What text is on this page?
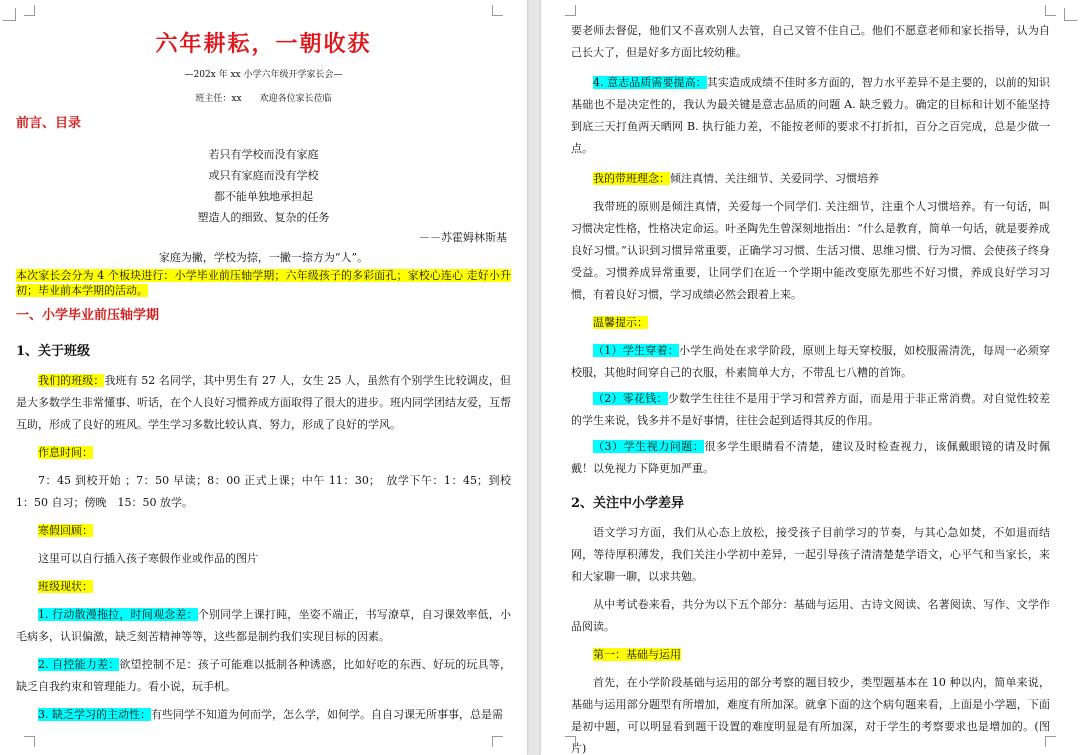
六年耕耘，一朝收获

—202x 年 xx 小学六年级开学家长会—

班主任：xx　　欢迎各位家长莅临

前言、目录

若只有学校而没有家庭

或只有家庭而没有学校

都不能单独地承担起

塑造人的细致、复杂的任务

－－苏霍姆林斯基

家庭为撇，学校为捺，一撇一捺方为“人”。

本次家长会分为 4 个板块进行：小学毕业前压轴学期；六年级孩子的多彩面孔；家校心连心 走好小升初；毕业前本学期的活动。

一、小学毕业前压轴学期

1、关于班级

我们的班级：我班有 52 名同学，其中男生有 27 人，女生 25 人，虽然有个别学生比较调皮，但是大多数学生非常懂事、听话，在个人良好习惯养成方面取得了很大的进步。班内同学团结友爱，互帮互助，形成了良好的班风。学生学习多数比较认真、努力，形成了良好的学风。

作息时间：

7：45 到校开始 ；7：50 早读；8：00 正式上课；中午 11：30；　放学下午：1：45；到校 1：50 自习；傍晚　15：50 放学。

寒假回顾：

这里可以自行插入孩子寒假作业或作品的图片

班级现状：

1. 行动散漫拖拉，时间观念差：个别同学上课打盹，坐姿不端正，书写潦草，自习课效率低，小毛病多，认识偏激，缺乏刻苦精神等等，这些都是制约我们实现目标的因素。

2. 自控能力差：欲望控制不足：孩子可能难以抵制各种诱惑，比如好吃的东西、好玩的玩具等，缺乏自我约束和管理能力。看小说，玩手机。

3. 缺乏学习的主动性：有些同学不知道为何而学，怎么学，如何学。自自习课无所事事，总是需

要老师去督促，他们又不喜欢别人去管，自己又管不住自己。他们不愿意老师和家长指导，认为自己长大了，但是好多方面比较幼稚。

4. 意志品质需要提高：其实造成成绩不佳时多方面的，智力水平差异不是主要的，以前的知识基础也不是决定性的，我认为最关键是意志品质的问题 A. 缺乏毅力。确定的目标和计划不能坚持到底三天打鱼两天晒网 B. 执行能力差，不能按老师的要求不打折扣，百分之百完成，总是少做一点。

我的带班理念：倾注真情、关注细节、关爱同学、习惯培养

我带班的原则是倾注真情，关爱每一个同学们. 关注细节，注重个人习惯培养。有一句话，叫习惯决定性格，性格决定命运。叶圣陶先生曾深刻地指出：“什么是教育，简单一句话，就是要养成良好习惯。”认识到习惯异常重要，正确学习习惯、生活习惯、思维习惯、行为习惯、会使孩子终身受益。习惯养成异常重要，让同学们在近一个学期中能改变原先那些不好习惯，养成良好学习习惯，有着良好习惯，学习成绩必然会跟着上来。

温馨提示：

（1）学生穿着：小学生尚处在求学阶段，原则上每天穿校服，如校服需清洗，每周一必须穿校服，其他时间穿自己的衣服，朴素简单大方，不带乱七八糟的首饰。

（2）零花钱：少数学生往往不是用于学习和营养方面，而是用于非正常消费。对自觉性较差的学生来说，钱多并不是好事情，往往会起到适得其反的作用。

（3）学生视力问题：很多学生眼睛看不清楚，建议及时检查视力，该佩戴眼镜的请及时佩戴！以免视力下降更加严重。

2、关注中小学差异

语文学习方面，我们从心态上放松，接受孩子目前学习的节奏，与其心急如焚，不如退而结网，等待厚积薄发，我们关注小学初中差异，一起引导孩子清清楚楚学语文，心平气和当家长，来和大家聊一聊，以求共勉。

从中考试卷来看，共分为以下五个部分：基础与运用、古诗文阅读、名著阅读、写作、文学作品阅读。

第一：基础与运用

首先，在小学阶段基础与运用的部分考察的题目较少，类型题基本在 10 种以内，简单来说，基础与运用部分题型有所增加，难度有所加深。就拿下面的这个病句题来看，上面是小学题，下面是初中题，可以明显看到题干设置的难度明显是有所加深，对于学生的考察要求也是增加的。(图片)
